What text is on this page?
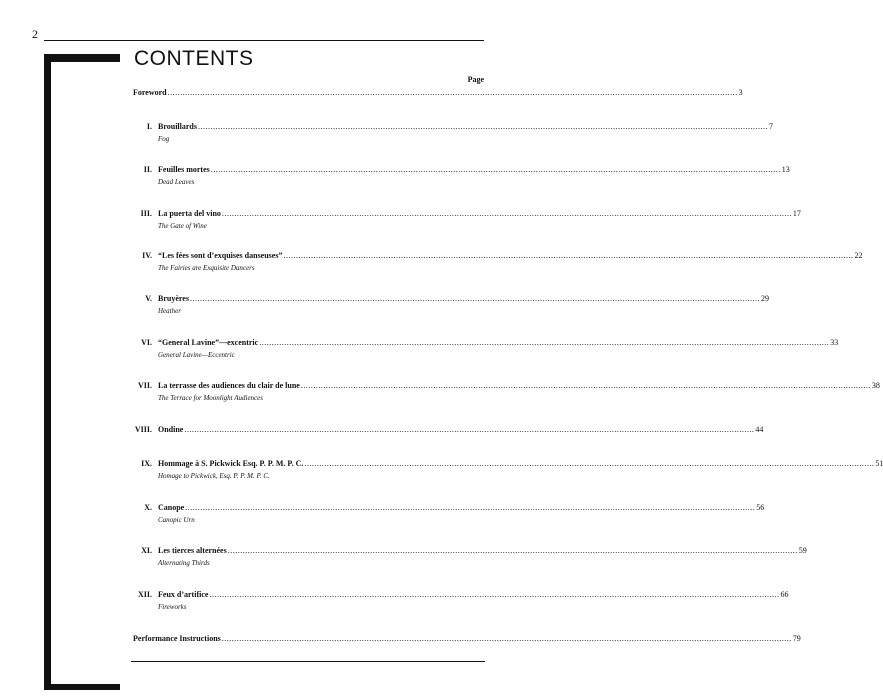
2
CONTENTS
Page
Foreword .................................................................................................................................................................................................................................... 3
I. Brouillards .................................................................................................................................................................................................................................... 7
Fog
II. Feuilles mortes .................................................................................................................................................................................................................................... 13
Dead Leaves
III. La puerta del vino .................................................................................................................................................................................................................................... 17
The Gate of Wine
IV. “Les fées sont d’exquises danseuses” .................................................................................................................................................................................................................................... 22
The Fairies are Exquisite Dancers
V. Bruyères .................................................................................................................................................................................................................................... 29
Heather
VI. “General Lavine”—excentric .................................................................................................................................................................................................................................... 33
General Lavine—Eccentric
VII. La terrasse des audiences du clair de lune .................................................................................................................................................................................................................................... 38
The Terrace for Moonlight Audiences
VIII. Ondine .................................................................................................................................................................................................................................... 44
IX. Hommage à S. Pickwick Esq. P. P. M. P. C. .................................................................................................................................................................................................................................... 51
Homage to Pickwick, Esq. P. P. M. P. C.
X. Canope .................................................................................................................................................................................................................................... 56
Canopic Urn
XI. Les tierces alternées .................................................................................................................................................................................................................................... 59
Alternating Thirds
XII. Feux d’artifice .................................................................................................................................................................................................................................... 66
Fireworks
Performance Instructions .................................................................................................................................................................................................................................... 79
